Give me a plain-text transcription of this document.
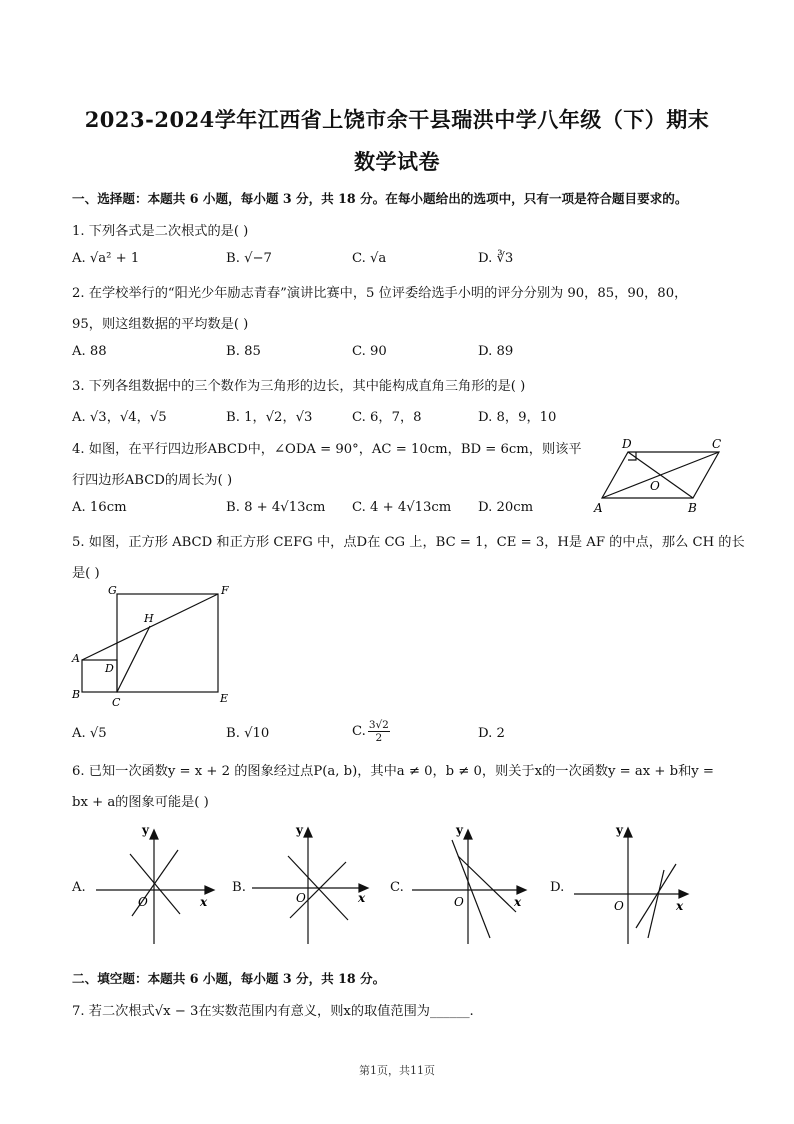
2023-2024学年江西省上饶市余干县瑞洪中学八年级（下）期末
数学试卷
一、选择题：本题共 6 小题，每小题 3 分，共 18 分。在每小题给出的选项中，只有一项是符合题目要求的。
1. 下列各式是二次根式的是( )
A. √a² + 1	B. √−7	C. √a	D. ∛3
2. 在学校举行的“阳光少年励志青春”演讲比赛中，5 位评委给选手小明的评分分别为 90，85，90，80，
95，则这组数据的平均数是( )
A. 88	B. 85	C. 90	D. 89
3. 下列各组数据中的三个数作为三角形的边长，其中能构成直角三角形的是( )
A. √3，√4，√5	B. 1，√2，√3	C. 6，7，8	D. 8，9，10
4. 如图，在平行四边形ABCD中，∠ODA = 90°，AC = 10cm，BD = 6cm，则该平
行四边形ABCD的周长为( )
A. 16cm	B. 8 + 4√13cm C. 4 + 4√13cm D. 20cm	A	B
C
D
O
5. 如图，正方形 ABCD 和正方形 CEFG 中，点D在 CG 上，BC = 1，CE = 3，H是 AF 的中点，那么 CH 的长
是( )
G	F
H
A
D
B
C	E
A. √5	B. √10	C. $\frac{3√2}{2}$	D. 2
6. 已知一次函数y = x + 2 的图象经过点P(a, b)，其中a ≠ 0，b ≠ 0，则关于x的一次函数y = ax + b和y =
bx + a的图象可能是( )
A.
y
x
O
B.
y
x
O
C.
y
x
O
D.
y
x
O
二、填空题：本题共 6 小题，每小题 3 分，共 18 分。
7. 若二次根式√x − 3在实数范围内有意义，则x的取值范围为______.
第1页，共11页
